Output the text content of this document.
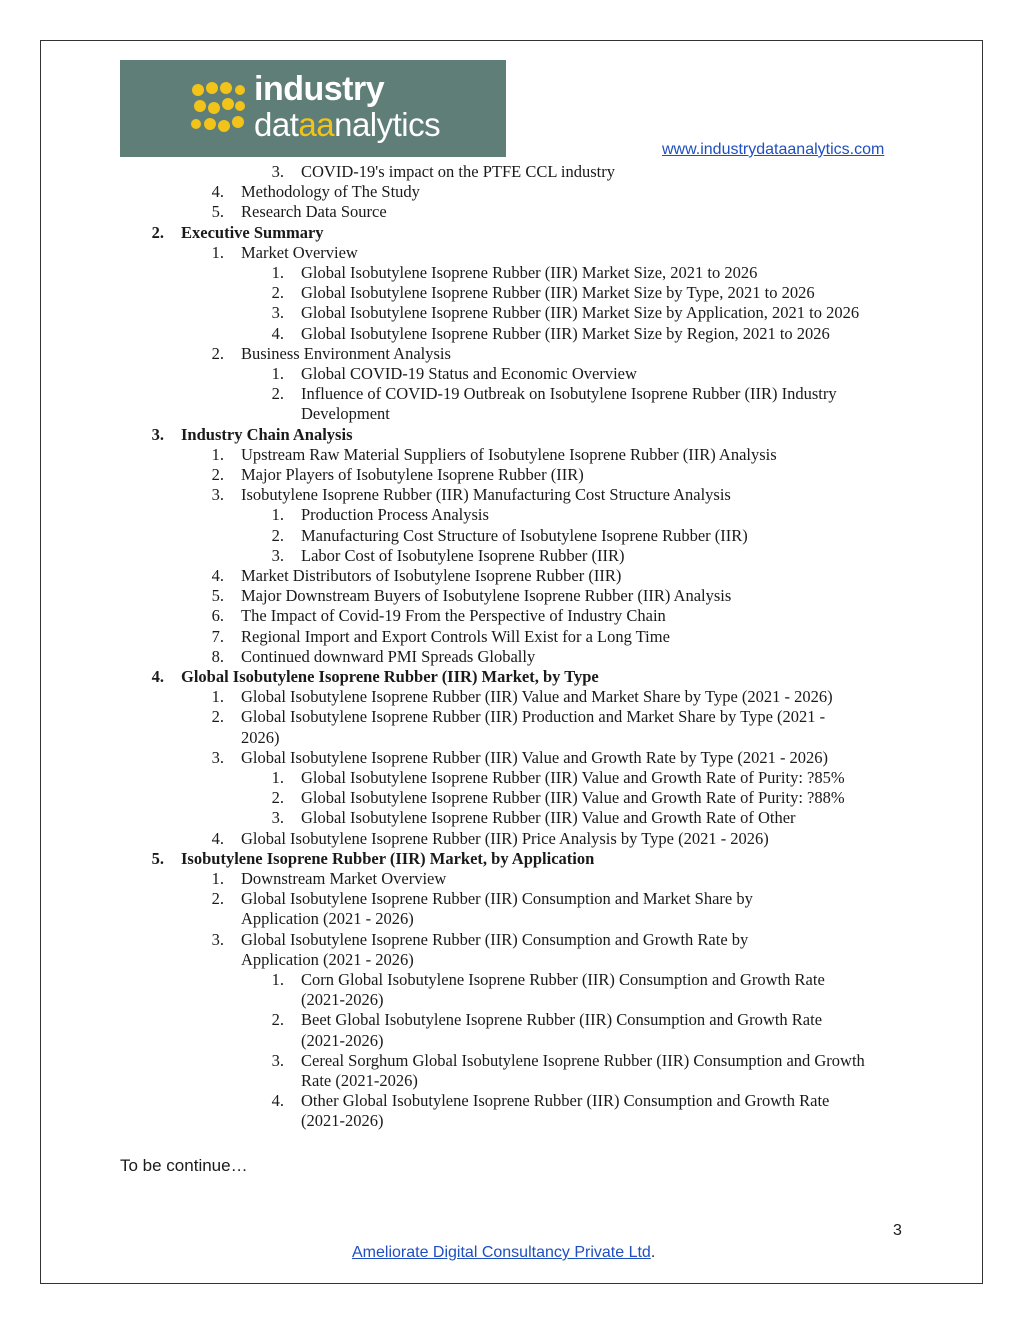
industry
dataanalytics
www.industrydataanalytics.com
3. COVID-19's impact on the PTFE CCL industry
4. Methodology of The Study
5. Research Data Source
2. Executive Summary
1. Market Overview
1. Global Isobutylene Isoprene Rubber (IIR) Market Size, 2021 to 2026
2. Global Isobutylene Isoprene Rubber (IIR) Market Size by Type, 2021 to 2026
3. Global Isobutylene Isoprene Rubber (IIR) Market Size by Application, 2021 to 2026
4. Global Isobutylene Isoprene Rubber (IIR) Market Size by Region, 2021 to 2026
2. Business Environment Analysis
1. Global COVID-19 Status and Economic Overview
2. Influence of COVID-19 Outbreak on Isobutylene Isoprene Rubber (IIR) Industry
Development
3. Industry Chain Analysis
1. Upstream Raw Material Suppliers of Isobutylene Isoprene Rubber (IIR) Analysis
2. Major Players of Isobutylene Isoprene Rubber (IIR)
3. Isobutylene Isoprene Rubber (IIR) Manufacturing Cost Structure Analysis
1. Production Process Analysis
2. Manufacturing Cost Structure of Isobutylene Isoprene Rubber (IIR)
3. Labor Cost of Isobutylene Isoprene Rubber (IIR)
4. Market Distributors of Isobutylene Isoprene Rubber (IIR)
5. Major Downstream Buyers of Isobutylene Isoprene Rubber (IIR) Analysis
6. The Impact of Covid-19 From the Perspective of Industry Chain
7. Regional Import and Export Controls Will Exist for a Long Time
8. Continued downward PMI Spreads Globally
4. Global Isobutylene Isoprene Rubber (IIR) Market, by Type
1. Global Isobutylene Isoprene Rubber (IIR) Value and Market Share by Type (2021 - 2026)
2. Global Isobutylene Isoprene Rubber (IIR) Production and Market Share by Type (2021 -
2026)
3. Global Isobutylene Isoprene Rubber (IIR) Value and Growth Rate by Type (2021 - 2026)
1. Global Isobutylene Isoprene Rubber (IIR) Value and Growth Rate of Purity: ?85%
2. Global Isobutylene Isoprene Rubber (IIR) Value and Growth Rate of Purity: ?88%
3. Global Isobutylene Isoprene Rubber (IIR) Value and Growth Rate of Other
4. Global Isobutylene Isoprene Rubber (IIR) Price Analysis by Type (2021 - 2026)
5. Isobutylene Isoprene Rubber (IIR) Market, by Application
1. Downstream Market Overview
2. Global Isobutylene Isoprene Rubber (IIR) Consumption and Market Share by
Application (2021 - 2026)
3. Global Isobutylene Isoprene Rubber (IIR) Consumption and Growth Rate by
Application (2021 - 2026)
1. Corn Global Isobutylene Isoprene Rubber (IIR) Consumption and Growth Rate
(2021-2026)
2. Beet Global Isobutylene Isoprene Rubber (IIR) Consumption and Growth Rate
(2021-2026)
3. Cereal Sorghum Global Isobutylene Isoprene Rubber (IIR) Consumption and Growth
Rate (2021-2026)
4. Other Global Isobutylene Isoprene Rubber (IIR) Consumption and Growth Rate
(2021-2026)
To be continue…
3
Ameliorate Digital Consultancy Private Ltd.
